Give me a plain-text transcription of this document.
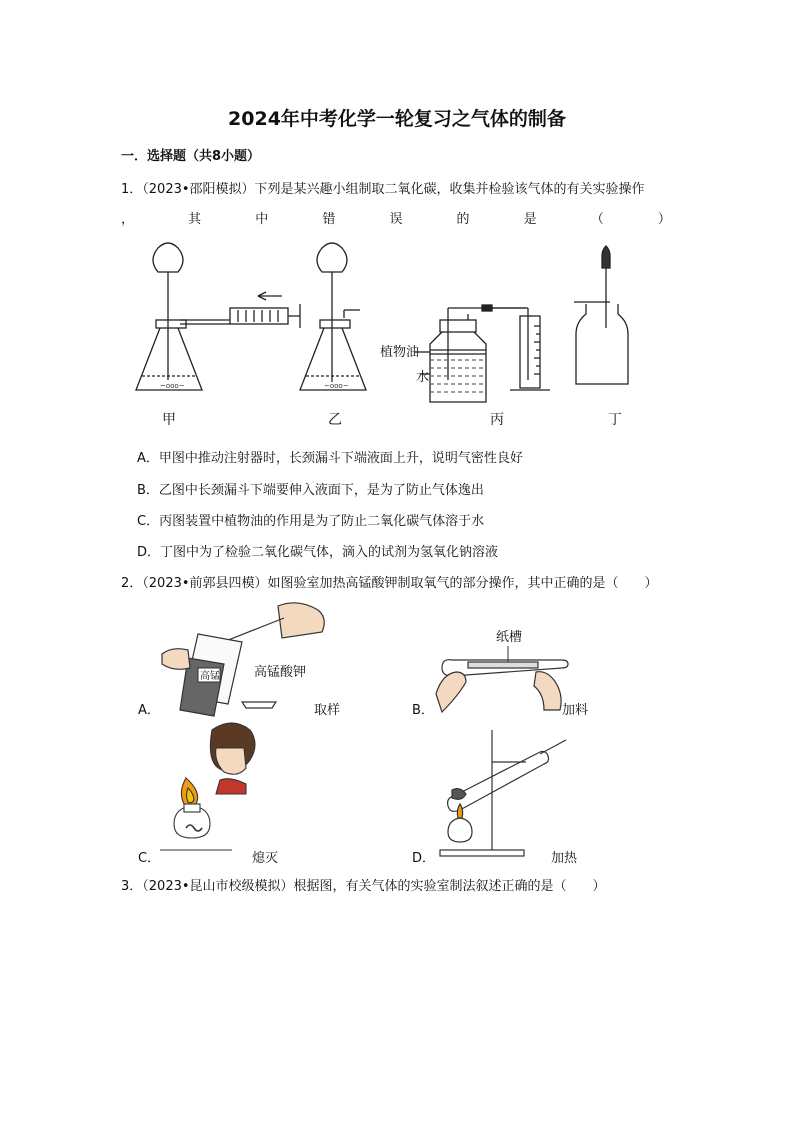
2024年中考化学一轮复习之气体的制备
一．选择题（共8小题）
1．（2023•邵阳模拟）下列是某兴趣小组制取二氧化碳，收集并检验该气体的有关实验操作
，	其	中	错	误	的	是	（	）
~ooo~	~ooo~
植物油
水
甲	乙	丙	丁
A．甲图中推动注射器时，长颈漏斗下端液面上升，说明气密性良好
B．乙图中长颈漏斗下端要伸入液面下，是为了防止气体逸出
C．丙图装置中植物油的作用是为了防止二氧化碳气体溶于水
D．丁图中为了检验二氧化碳气体，滴入的试剂为氢氧化钠溶液
2．（2023•前郭县四模）如图验室加热高锰酸钾制取氧气的部分操作，其中正确的是（　　）
高锰	高锰酸钾
A．	取样
纸槽
B．	加料
C．	熄灭	D．	加热
3．（2023•昆山市校级模拟）根据图，有关气体的实验室制法叙述正确的是（　　）
